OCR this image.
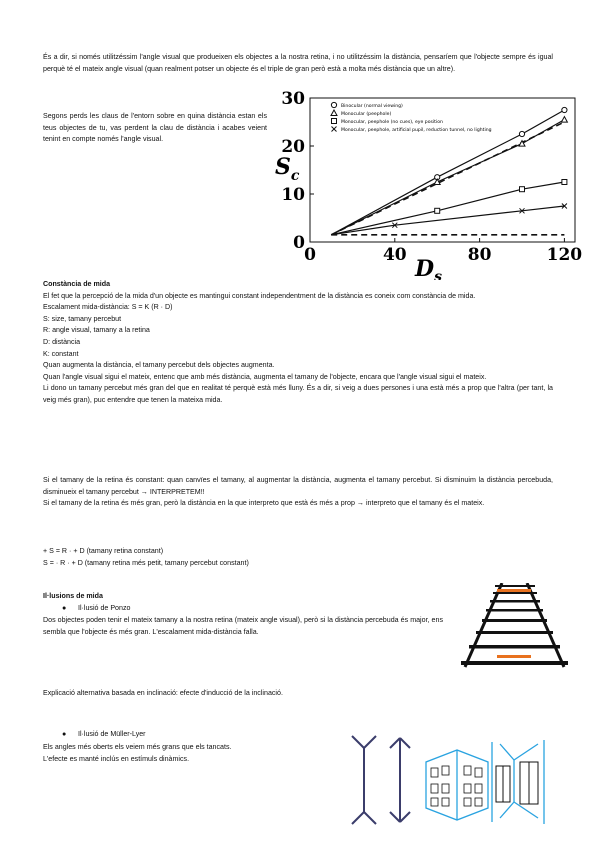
És a dir, si només utilitzéssim l'angle visual que produeixen els objectes a la nostra retina, i no utilitzéssim la distància, pensaríem que l'objecte sempre és igual perquè té el mateix angle visual (quan realment potser un objecte és el triple de gran però està a molta més distància que un altre).

Segons perds les claus de l'entorn sobre en quina distància estan els teus objectes de tu, vas perdent la clau de distància i acabes veient tenint en compte només l'angle visual.

0
10
20
30
0	40	80	120
Binocular (normal viewing)
Monocular (peephole)
Monocular, peephole (no cues), eye position
Monocular, peephole, artificial pupil, reduction tunnel, no lighting
$S_c$
$D_s$
Constància de mida
El fet que la percepció de la mida d'un objecte es mantingui constant independentment de la distància es coneix com constància de mida.
Escalament mida-distància: S = K (R · D)
S: size, tamany percebut
R: angle visual, tamany a la retina
D: distància
K: constant
Quan augmenta la distància, el tamany percebut dels objectes augmenta.
Quan l'angle visual sigui el mateix, entenc que amb més distància, augmenta el tamany de l'objecte, encara que l'angle visual sigui el mateix.
Li dono un tamany percebut més gran del que en realitat té perquè està més lluny. És a dir, si veig a dues persones i una està més a prop que l'altra (per tant, la veig més gran), puc entendre que tenen la mateixa mida.
Si el tamany de la retina és constant: quan canvïes el tamany, al augmentar la distància, augmenta el tamany percebut. Si disminuim la distància percebuda, disminueix el tamany percebut → INTERPRETEM!!
Si el tamany de la retina és més gran, però la distància en la que interpreto que està és més a prop → interpreto que el tamany és el mateix.
+ S = R · + D (tamany retina constant)
S = · R · + D (tamany retina més petit, tamany percebut constant)
Il·lusions de mida
● Il·lusió de Ponzo

Dos objectes poden tenir el mateix tamany a la nostra retina (mateix angle visual), però si la distància percebuda és major, ens sembla que l'objecte és més gran. L'escalament mida-distància falla.

Explicació alternativa basada en inclinació: efecte d'inducció de la inclinació.
● Il·lusió de Müller-Lyer
Els angles més oberts els veiem més grans que els tancats.
L'efecte es manté inclús en estímuls dinàmics.
